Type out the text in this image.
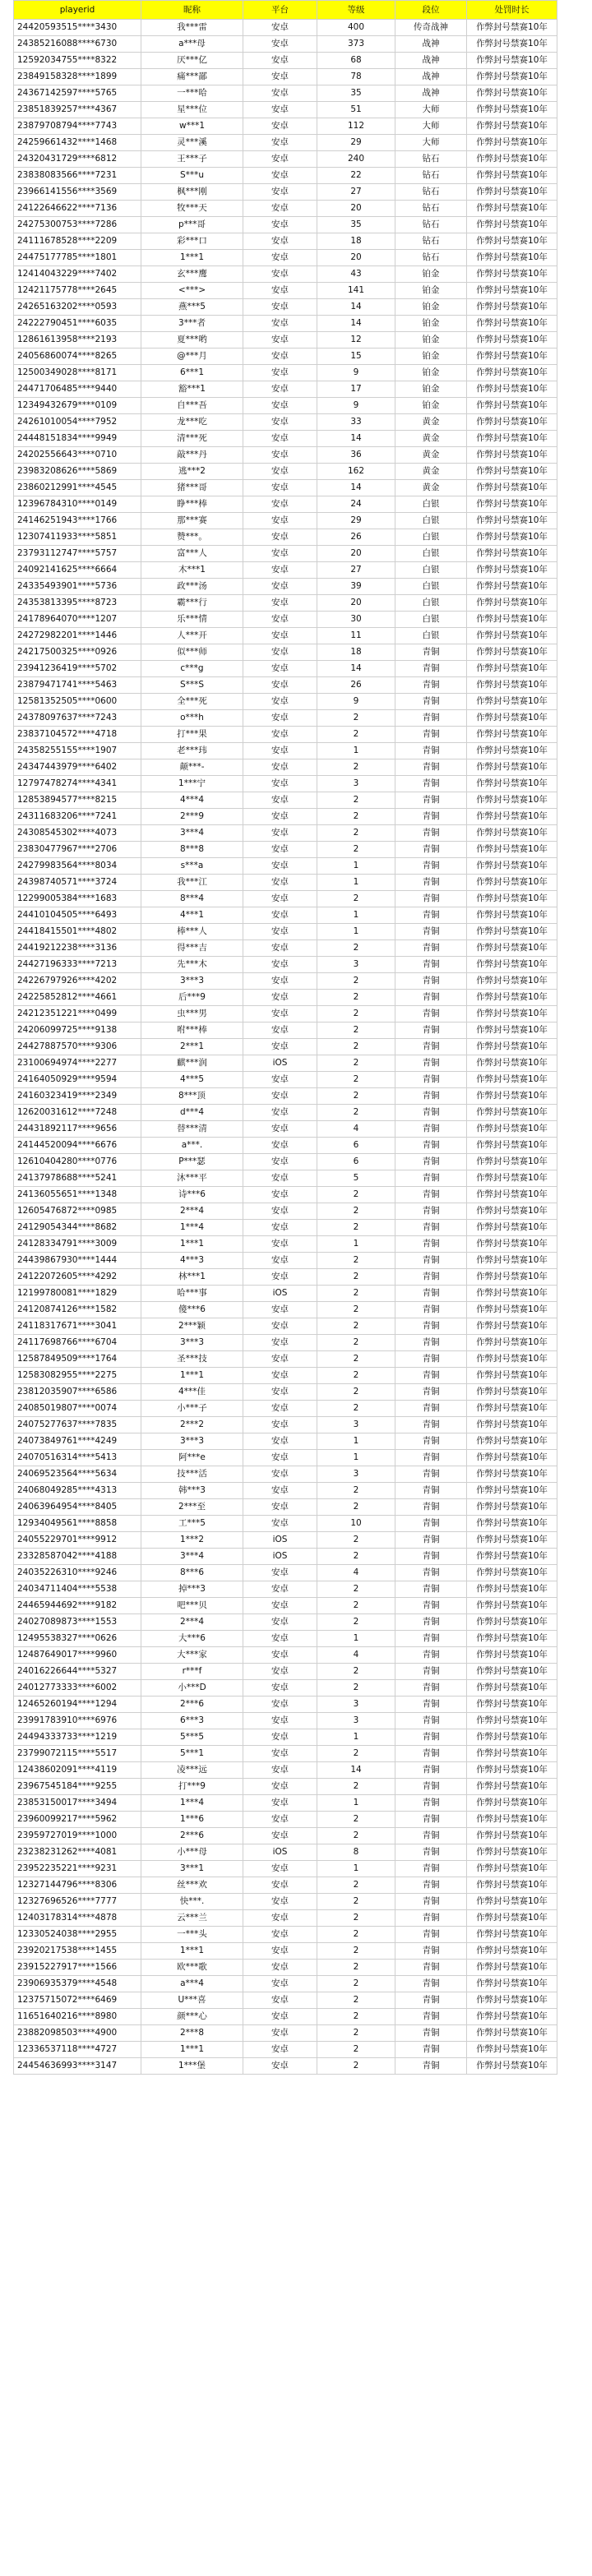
playerid	昵称	平台	等级	段位	处罚时长
24420593515****3430	我***雷	安卓	400	传奇战神	作弊封号禁赛10年
24385216088****6730	a***母	安卓	373	战神	作弊封号禁赛10年
12592034755****8322	厌***亿	安卓	68	战神	作弊封号禁赛10年
23849158328****1899	痛***鄙	安卓	78	战神	作弊封号禁赛10年
24367142597****5765	一***哈	安卓	35	战神	作弊封号禁赛10年
23851839257****4367	星***位	安卓	51	大师	作弊封号禁赛10年
23879708794****7743	w***1	安卓	112	大师	作弊封号禁赛10年
24259661432****1468	灵***溪	安卓	29	大师	作弊封号禁赛10年
24320431729****6812	王***子	安卓	240	钻石	作弊封号禁赛10年
23838083566****7231	S***u	安卓	22	钻石	作弊封号禁赛10年
23966141556****3569	枫***刚	安卓	27	钻石	作弊封号禁赛10年
24122646622****7136	牧***天	安卓	20	钻石	作弊封号禁赛10年
24275300753****7286	p***哥	安卓	35	钻石	作弊封号禁赛10年
24111678528****2209	彩***口	安卓	18	钻石	作弊封号禁赛10年
24475177785****1801	1***1	安卓	20	钻石	作弊封号禁赛10年
12414043229****7402	玄***鹰	安卓	43	铂金	作弊封号禁赛10年
12421175778****2645	<***>	安卓	141	铂金	作弊封号禁赛10年
24265163202****0593	燕***5	安卓	14	铂金	作弊封号禁赛10年
24222790451****6035	3***者	安卓	14	铂金	作弊封号禁赛10年
12861613958****2193	夏***哟	安卓	12	铂金	作弊封号禁赛10年
24056860074****8265	@***月	安卓	15	铂金	作弊封号禁赛10年
12500349028****8171	6***1	安卓	9	铂金	作弊封号禁赛10年
24471706485****9440	豁***1	安卓	17	铂金	作弊封号禁赛10年
12349432679****0109	自***吾	安卓	9	铂金	作弊封号禁赛10年
24261010054****7952	龙***吃	安卓	33	黄金	作弊封号禁赛10年
24448151834****9949	清***死	安卓	14	黄金	作弊封号禁赛10年
24202556643****0710	敲***丹	安卓	36	黄金	作弊封号禁赛10年
23983208626****5869	逃***2	安卓	162	黄金	作弊封号禁赛10年
23860212991****4545	猪***哥	安卓	14	黄金	作弊封号禁赛10年
12396784310****0149	睁***棒	安卓	24	白银	作弊封号禁赛10年
24146251943****1766	那***赛	安卓	29	白银	作弊封号禁赛10年
12307411933****5851	赞***。	安卓	26	白银	作弊封号禁赛10年
23793112747****5757	富***人	安卓	20	白银	作弊封号禁赛10年
24092141625****6664	木***1	安卓	27	白银	作弊封号禁赛10年
24335493901****5736	政***汤	安卓	39	白银	作弊封号禁赛10年
24353813395****8723	霸***行	安卓	20	白银	作弊封号禁赛10年
24178964070****1207	乐***情	安卓	30	白银	作弊封号禁赛10年
24272982201****1446	人***开	安卓	11	白银	作弊封号禁赛10年
24217500325****0926	似***师	安卓	18	青铜	作弊封号禁赛10年
23941236419****5702	c***g	安卓	14	青铜	作弊封号禁赛10年
23879471741****5463	S***S	安卓	26	青铜	作弊封号禁赛10年
12581352505****0600	全***死	安卓	9	青铜	作弊封号禁赛10年
24378097637****7243	o***h	安卓	2	青铜	作弊封号禁赛10年
23837104572****4718	打***果	安卓	2	青铜	作弊封号禁赛10年
24358255155****1907	老***玮	安卓	1	青铜	作弊封号禁赛10年
24347443979****6402	颠***-	安卓	2	青铜	作弊封号禁赛10年
12797478274****4341	1***宁	安卓	3	青铜	作弊封号禁赛10年
12853894577****8215	4***4	安卓	2	青铜	作弊封号禁赛10年
24311683206****7241	2***9	安卓	2	青铜	作弊封号禁赛10年
24308545302****4073	3***4	安卓	2	青铜	作弊封号禁赛10年
23830477967****2706	8***8	安卓	2	青铜	作弊封号禁赛10年
24279983564****8034	s***a	安卓	1	青铜	作弊封号禁赛10年
24398740571****3724	我***江	安卓	1	青铜	作弊封号禁赛10年
12299005384****1683	8***4	安卓	2	青铜	作弊封号禁赛10年
24410104505****6493	4***1	安卓	1	青铜	作弊封号禁赛10年
24418415501****4802	棒***人	安卓	1	青铜	作弊封号禁赛10年
24419212238****3136	得***吉	安卓	2	青铜	作弊封号禁赛10年
24427196333****7213	先***木	安卓	3	青铜	作弊封号禁赛10年
24226797926****4202	3***3	安卓	2	青铜	作弊封号禁赛10年
24225852812****4661	后***9	安卓	2	青铜	作弊封号禁赛10年
24212351221****0499	虫***男	安卓	2	青铜	作弊封号禁赛10年
24206099725****9138	咐***棒	安卓	2	青铜	作弊封号禁赛10年
24427887570****9306	2***1	安卓	2	青铜	作弊封号禁赛10年
23100694974****2277	麒***润	iOS	2	青铜	作弊封号禁赛10年
24164050929****9594	4***5	安卓	2	青铜	作弊封号禁赛10年
24160323419****2349	8***顶	安卓	2	青铜	作弊封号禁赛10年
12620031612****7248	d***4	安卓	2	青铜	作弊封号禁赛10年
24431892117****9656	替***清	安卓	4	青铜	作弊封号禁赛10年
24144520094****6676	a***.	安卓	6	青铜	作弊封号禁赛10年
12610404280****0776	P***瑟	安卓	6	青铜	作弊封号禁赛10年
24137978688****5241	沐***平	安卓	5	青铜	作弊封号禁赛10年
24136055651****1348	诗***6	安卓	2	青铜	作弊封号禁赛10年
12605476872****0985	2***4	安卓	2	青铜	作弊封号禁赛10年
24129054344****8682	1***4	安卓	2	青铜	作弊封号禁赛10年
24128334791****3009	1***1	安卓	1	青铜	作弊封号禁赛10年
24439867930****1444	4***3	安卓	2	青铜	作弊封号禁赛10年
24122072605****4292	林***1	安卓	2	青铜	作弊封号禁赛10年
12199780081****1829	哈***事	iOS	2	青铜	作弊封号禁赛10年
24120874126****1582	傻***6	安卓	2	青铜	作弊封号禁赛10年
24118317671****3041	2***颖	安卓	2	青铜	作弊封号禁赛10年
24117698766****6704	3***3	安卓	2	青铜	作弊封号禁赛10年
12587849509****1764	圣***技	安卓	2	青铜	作弊封号禁赛10年
12583082955****2275	1***1	安卓	2	青铜	作弊封号禁赛10年
23812035907****6586	4***佳	安卓	2	青铜	作弊封号禁赛10年
24085019807****0074	小***子	安卓	2	青铜	作弊封号禁赛10年
24075277637****7835	2***2	安卓	3	青铜	作弊封号禁赛10年
24073849761****4249	3***3	安卓	1	青铜	作弊封号禁赛10年
24070516314****5413	阿***e	安卓	1	青铜	作弊封号禁赛10年
24069523564****5634	技***活	安卓	3	青铜	作弊封号禁赛10年
24068049285****4313	韩***3	安卓	2	青铜	作弊封号禁赛10年
24063964954****8405	2***至	安卓	2	青铜	作弊封号禁赛10年
12934049561****8858	工***5	安卓	10	青铜	作弊封号禁赛10年
24055229701****9912	1***2	iOS	2	青铜	作弊封号禁赛10年
23328587042****4188	3***4	iOS	2	青铜	作弊封号禁赛10年
24035226310****9246	8***6	安卓	4	青铜	作弊封号禁赛10年
24034711404****5538	掉***3	安卓	2	青铜	作弊封号禁赛10年
24465944692****9182	吧***贝	安卓	2	青铜	作弊封号禁赛10年
24027089873****1553	2***4	安卓	2	青铜	作弊封号禁赛10年
12495538327****0626	大***6	安卓	1	青铜	作弊封号禁赛10年
12487649017****9960	大***家	安卓	4	青铜	作弊封号禁赛10年
24016226644****5327	r***f	安卓	2	青铜	作弊封号禁赛10年
24012773333****6002	小***D	安卓	2	青铜	作弊封号禁赛10年
12465260194****1294	2***6	安卓	3	青铜	作弊封号禁赛10年
23991783910****6976	6***3	安卓	3	青铜	作弊封号禁赛10年
24494333733****1219	5***5	安卓	1	青铜	作弊封号禁赛10年
23799072115****5517	5***1	安卓	2	青铜	作弊封号禁赛10年
12438602091****4119	凌***远	安卓	14	青铜	作弊封号禁赛10年
23967545184****9255	打***9	安卓	2	青铜	作弊封号禁赛10年
23853150017****3494	1***4	安卓	1	青铜	作弊封号禁赛10年
23960099217****5962	1***6	安卓	2	青铜	作弊封号禁赛10年
23959727019****1000	2***6	安卓	2	青铜	作弊封号禁赛10年
23238231262****4081	小***母	iOS	8	青铜	作弊封号禁赛10年
23952235221****9231	3***1	安卓	1	青铜	作弊封号禁赛10年
12327144796****8306	丝***欢	安卓	2	青铜	作弊封号禁赛10年
12327696526****7777	快***.	安卓	2	青铜	作弊封号禁赛10年
12403178314****4878	云***兰	安卓	2	青铜	作弊封号禁赛10年
12330524038****2955	一***头	安卓	2	青铜	作弊封号禁赛10年
23920217538****1455	1***1	安卓	2	青铜	作弊封号禁赛10年
23915227917****1566	欧***歌	安卓	2	青铜	作弊封号禁赛10年
23906935379****4548	a***4	安卓	2	青铜	作弊封号禁赛10年
12375715072****6469	U***喜	安卓	2	青铜	作弊封号禁赛10年
11651640216****8980	颜***心	安卓	2	青铜	作弊封号禁赛10年
23882098503****4900	2***8	安卓	2	青铜	作弊封号禁赛10年
12336537118****4727	1***1	安卓	2	青铜	作弊封号禁赛10年
24454636993****3147	1***堡	安卓	2	青铜	作弊封号禁赛10年
